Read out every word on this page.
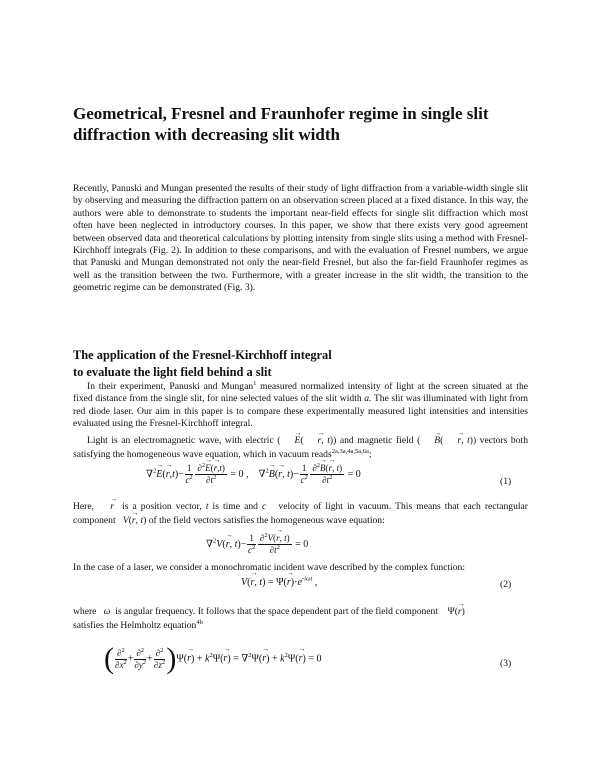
Geometrical, Fresnel and Fraunhofer regime in single slit
diffraction with decreasing slit width

Recently, Panuski and Mungan presented the results of their study of light diffraction from a variable-width single slit by observing and measuring the diffraction pattern on an observation screen placed at a fixed distance. In this way, the authors were able to demonstrate to students the important near-field effects for single slit diffraction which most often have been neglected in introductory courses. In this paper, we show that there exists very good agreement between observed data and theoretical calculations by plotting intensity from single slits using a method with Fresnel-Kirchhoff integrals (Fig. 2). In addition to these comparisons, and with the evaluation of Fresnel numbers, we argue that Panuski and Mungan demonstrated not only the near-field Fresnel, but also the far-field Fraunhofer regimes as well as the transition between the two. Furthermore, with a greater increase in the slit width, the transition to the geometric regime can be demonstrated (Fig. 3).

The application of the Fresnel-Kirchhoff integral
to evaluate the light field behind a slit

In their experiment, Panuski and Mungan$^1$ measured normalized intensity of light at the screen situated at the fixed distance from the single slit, for nine selected values of the slit width a. The slit was illuminated with light from red diode laser. Our aim in this paper is to compare these experimentally measured light intensities and intensities evaluated using the Fresnel-Kirchhoff integral.

Light is an electromagnetic wave, with electric ( → E( → r, t)) and magnetic field ( → B( → r, t)) vectors both satisfying the homogeneous wave equation, which in vacuum reads$^{2a,3a,4a,5a,6a}$;

$\nabla^2\to E(\to r,t)- \frac{1}{c^2} \frac{\partial^2\to E(\to r,t)}{\partial t^2} = 0$ ,    ∇$^2$→ B(→ r, $t)- \frac{1}{c^2} \frac{\partial^2\to B(\to r, t)}{\partial t^2} = 0$
(1)

Here, → r is a position vector, t is time and c velocity of light in vacuum. This means that each rectangular component V(→ r, t) of the field vectors satisfies the homogeneous wave equation:

∇$^2$V(→ r, $t)- \frac{1}{c^2} \frac{\partial^2V(\to r, t)}{\partial t^2} = 0$

In the case of a laser, we consider a monochromatic incident wave described by the complex function:

V(→ r, $t) = \Psi(\to r)\cdot e^{-i\omega t}$ ,	(2)

where ω is angular frequency. It follows that the space dependent part of the field component    Ψ(→ r)
satisfies the Helmholtz equation$^{4b}$

( $\frac{\partial^2}{\partial x^2} + \frac{\partial^2}{\partial y^2} + \frac{\partial^2}{\partial z^2} )\Psi(\to r) + k^2\Psi(\to r) = \nabla^2\Psi(\to r) + k^2\Psi(\to r) = 0$	(3)
